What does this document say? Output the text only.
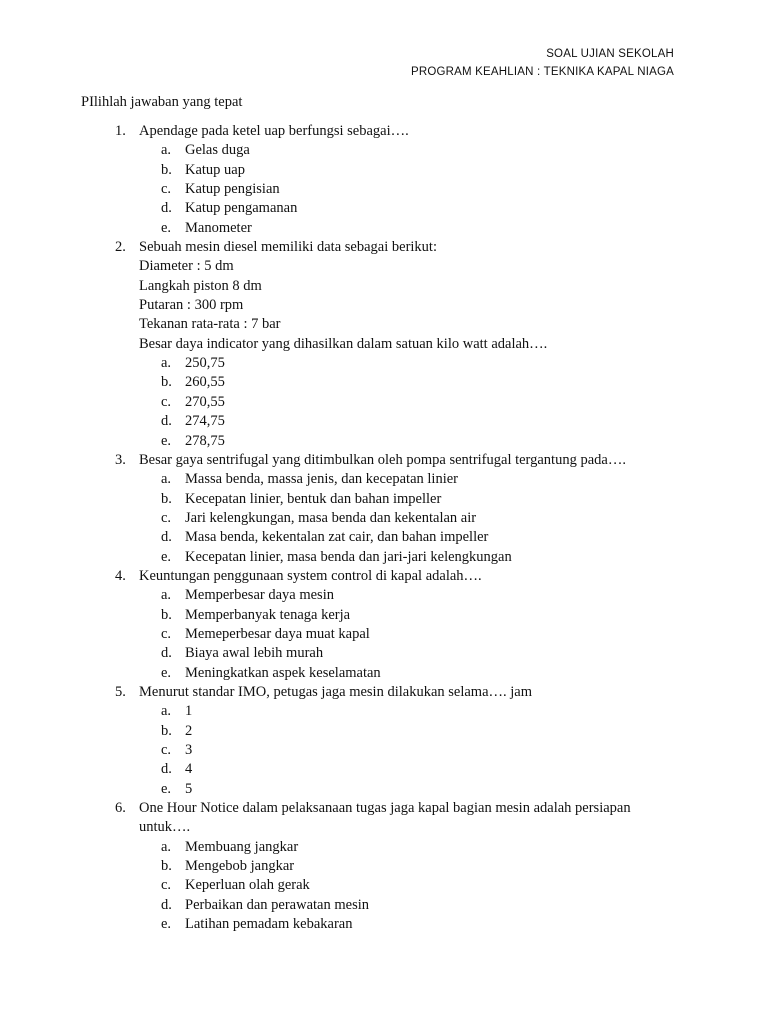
SOAL UJIAN SEKOLAH
PROGRAM KEAHLIAN : TEKNIKA KAPAL NIAGA
PIlihlah jawaban yang tepat
1. Apendage pada ketel uap berfungsi sebagai….
a. Gelas duga
b. Katup uap
c. Katup pengisian
d. Katup pengamanan
e. Manometer
2. Sebuah mesin diesel memiliki data sebagai berikut:
Diameter : 5 dm
Langkah piston 8 dm
Putaran : 300 rpm
Tekanan rata-rata : 7 bar
Besar daya indicator yang dihasilkan dalam satuan kilo watt adalah….
a. 250,75
b. 260,55
c. 270,55
d. 274,75
e. 278,75
3. Besar gaya sentrifugal yang ditimbulkan oleh pompa sentrifugal tergantung pada….
a. Massa benda, massa jenis, dan kecepatan linier
b. Kecepatan linier, bentuk dan bahan impeller
c. Jari kelengkungan, masa benda dan kekentalan air
d. Masa benda, kekentalan zat cair, dan bahan impeller
e. Kecepatan linier, masa benda dan jari-jari kelengkungan
4. Keuntungan penggunaan system control di kapal adalah….
a. Memperbesar daya mesin
b. Memperbanyak tenaga kerja
c. Memeperbesar daya muat kapal
d. Biaya awal lebih murah
e. Meningkatkan aspek keselamatan
5. Menurut standar IMO, petugas jaga mesin dilakukan selama…. jam
a. 1
b. 2
c. 3
d. 4
e. 5
6. One Hour Notice dalam pelaksanaan tugas jaga kapal bagian mesin adalah persiapan
untuk….
a. Membuang jangkar
b. Mengebob jangkar
c. Keperluan olah gerak
d. Perbaikan dan perawatan mesin
e. Latihan pemadam kebakaran
